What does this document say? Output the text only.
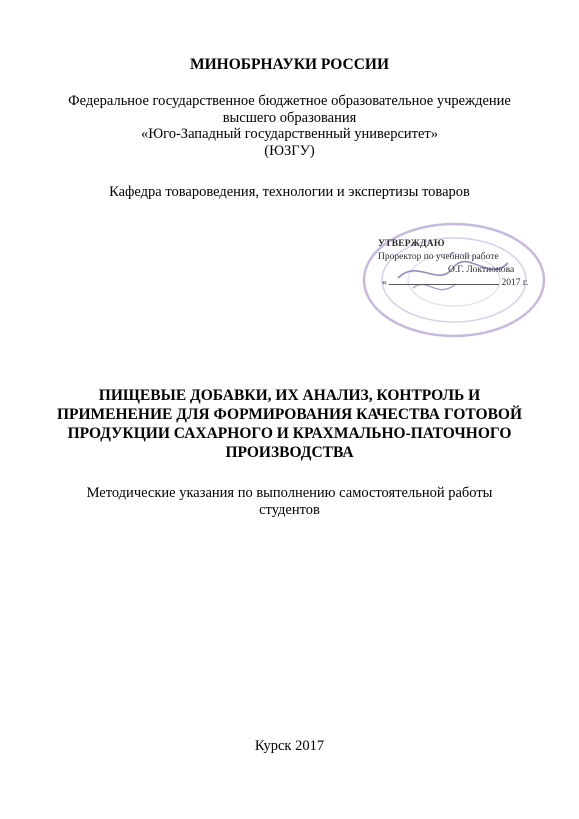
МИНОБРНАУКИ РОССИИ
Федеральное государственное бюджетное образовательное учреждение
высшего образования
«Юго-Западный государственный университет»
(ЮЗГУ)
Кафедра товароведения, технологии и экспертизы товаров
УТВЕРЖДАЮ
Проректор по учебной работе
О.Г. Локтионова
«	2017 г.
ПИЩЕВЫЕ ДОБАВКИ, ИХ АНАЛИЗ, КОНТРОЛЬ И ПРИМЕНЕНИЕ ДЛЯ ФОРМИРОВАНИЯ КАЧЕСТВА ГОТОВОЙ ПРОДУКЦИИ САХАРНОГО И КРАХМАЛЬНО-ПАТОЧНОГО ПРОИЗВОДСТВА
Методические указания по выполнению самостоятельной работы студентов
Курск 2017
